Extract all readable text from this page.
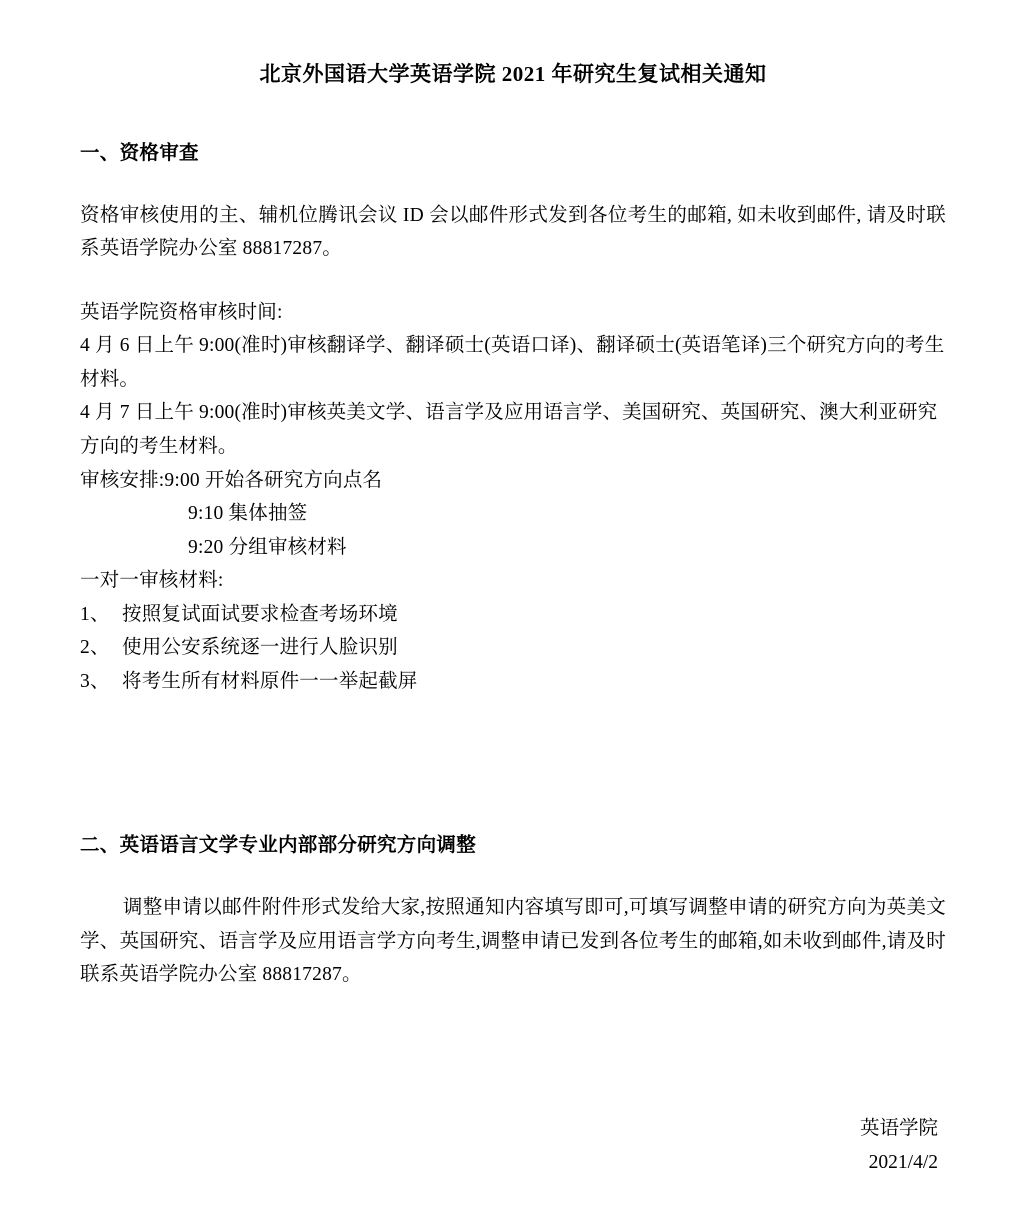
北京外国语大学英语学院 2021 年研究生复试相关通知
一、资格审查

资格审核使用的主、辅机位腾讯会议 ID 会以邮件形式发到各位考生的邮箱, 如未收到邮件, 请及时联系英语学院办公室 88817287。

英语学院资格审核时间:

4 月 6 日上午 9:00(准时)审核翻译学、翻译硕士(英语口译)、翻译硕士(英语笔译)三个研究方向的考生材料。

4 月 7 日上午 9:00(准时)审核英美文学、语言学及应用语言学、美国研究、英国研究、澳大利亚研究方向的考生材料。

审核安排:9:00 开始各研究方向点名

9:10 集体抽签

9:20 分组审核材料

一对一审核材料:

1、 按照复试面试要求检查考场环境

2、 使用公安系统逐一进行人脸识别

3、 将考生所有材料原件一一举起截屏

二、英语语言文学专业内部部分研究方向调整

调整申请以邮件附件形式发给大家,按照通知内容填写即可,可填写调整申请的研究方向为英美文学、英国研究、语言学及应用语言学方向考生,调整申请已发到各位考生的邮箱,如未收到邮件,请及时联系英语学院办公室 88817287。

英语学院
2021/4/2
